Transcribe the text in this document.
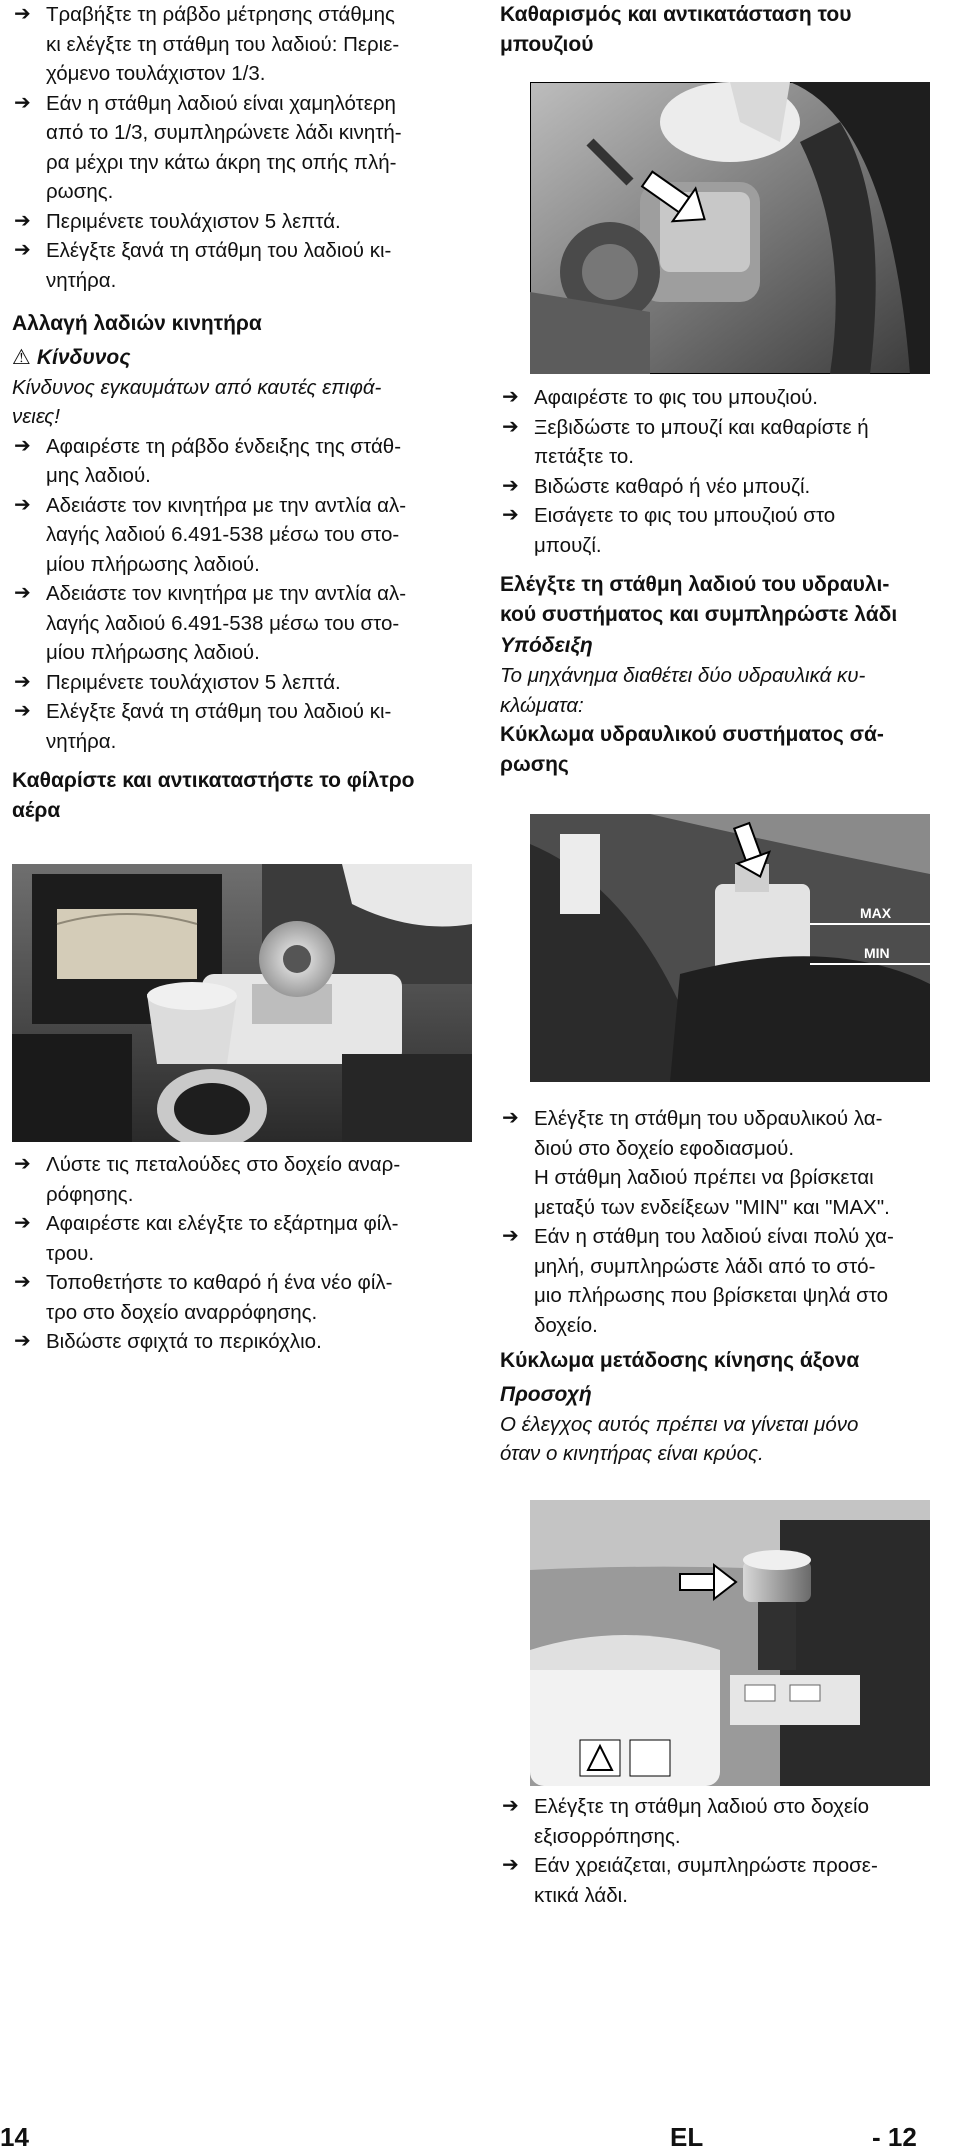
➔ Τραβήξτε τη ράβδο μέτρησης στάθμης

κι ελέγξτε τη στάθμη του λαδιού: Περιε-

χόμενο τουλάχιστον 1/3.

➔ Εάν η στάθμη λαδιού είναι χαμηλότερη

από το 1/3, συμπληρώνετε λάδι κινητή-

ρα μέχρι την κάτω άκρη της οπής πλή-

ρωσης.

➔ Περιμένετε τουλάχιστον 5 λεπτά.

➔ Ελέγξτε ξανά τη στάθμη του λαδιού κι-

νητήρα.

Αλλαγή λαδιών κινητήρα
⚠ Κίνδυνος

Κίνδυνος εγκαυμάτων από καυτές επιφά-

νειες!

➔ Αφαιρέστε τη ράβδο ένδειξης της στάθ-

μης λαδιού.

➔ Αδειάστε τον κινητήρα με την αντλία αλ-

λαγής λαδιού 6.491-538 μέσω του στο-

μίου πλήρωσης λαδιού.

➔ Αδειάστε τον κινητήρα με την αντλία αλ-

λαγής λαδιού 6.491-538 μέσω του στο-

μίου πλήρωσης λαδιού.

➔ Περιμένετε τουλάχιστον 5 λεπτά.

➔ Ελέγξτε ξανά τη στάθμη του λαδιού κι-

νητήρα.

Καθαρίστε και αντικαταστήστε το φίλτρο

αέρα

➔ Λύστε τις πεταλούδες στο δοχείο αναρ-

ρόφησης.

➔ Αφαιρέστε και ελέγξτε το εξάρτημα φίλ-

τρου.

➔ Τοποθετήστε το καθαρό ή ένα νέο φίλ-

τρο στο δοχείο αναρρόφησης.

➔ Βιδώστε σφιχτά το περικόχλιο.

Καθαρισμός και αντικατάσταση του

μπουζιού

➔ Αφαιρέστε το φις του μπουζιού.

➔ Ξεβιδώστε το μπουζί και καθαρίστε ή

πετάξτε το.

➔ Βιδώστε καθαρό ή νέο μπουζί.

➔ Εισάγετε το φις του μπουζιού στο

μπουζί.

Ελέγξτε τη στάθμη λαδιού του υδραυλι-

κού συστήματος και συμπληρώστε λάδι

Υπόδειξη

Το μηχάνημα διαθέτει δύο υδραυλικά κυ-

κλώματα:

Κύκλωμα υδραυλικού συστήματος σά-

ρωσης

MAX
MIN
➔ Ελέγξτε τη στάθμη του υδραυλικού λα-

διού στο δοχείο εφοδιασμού.

Η στάθμη λαδιού πρέπει να βρίσκεται

μεταξύ των ενδείξεων "MIN" και "MAX".

➔ Εάν η στάθμη του λαδιού είναι πολύ χα-

μηλή, συμπληρώστε λάδι από το στό-

μιο πλήρωσης που βρίσκεται ψηλά στο

δοχείο.

Κύκλωμα μετάδοσης κίνησης άξονα
Προσοχή

Ο έλεγχος αυτός πρέπει να γίνεται μόνο

όταν ο κινητήρας είναι κρύος.

➔ Ελέγξτε τη στάθμη λαδιού στο δοχείο

εξισορρόπησης.

➔ Εάν χρειάζεται, συμπληρώστε προσε-

κτικά λάδι.

14	EL	- 12
